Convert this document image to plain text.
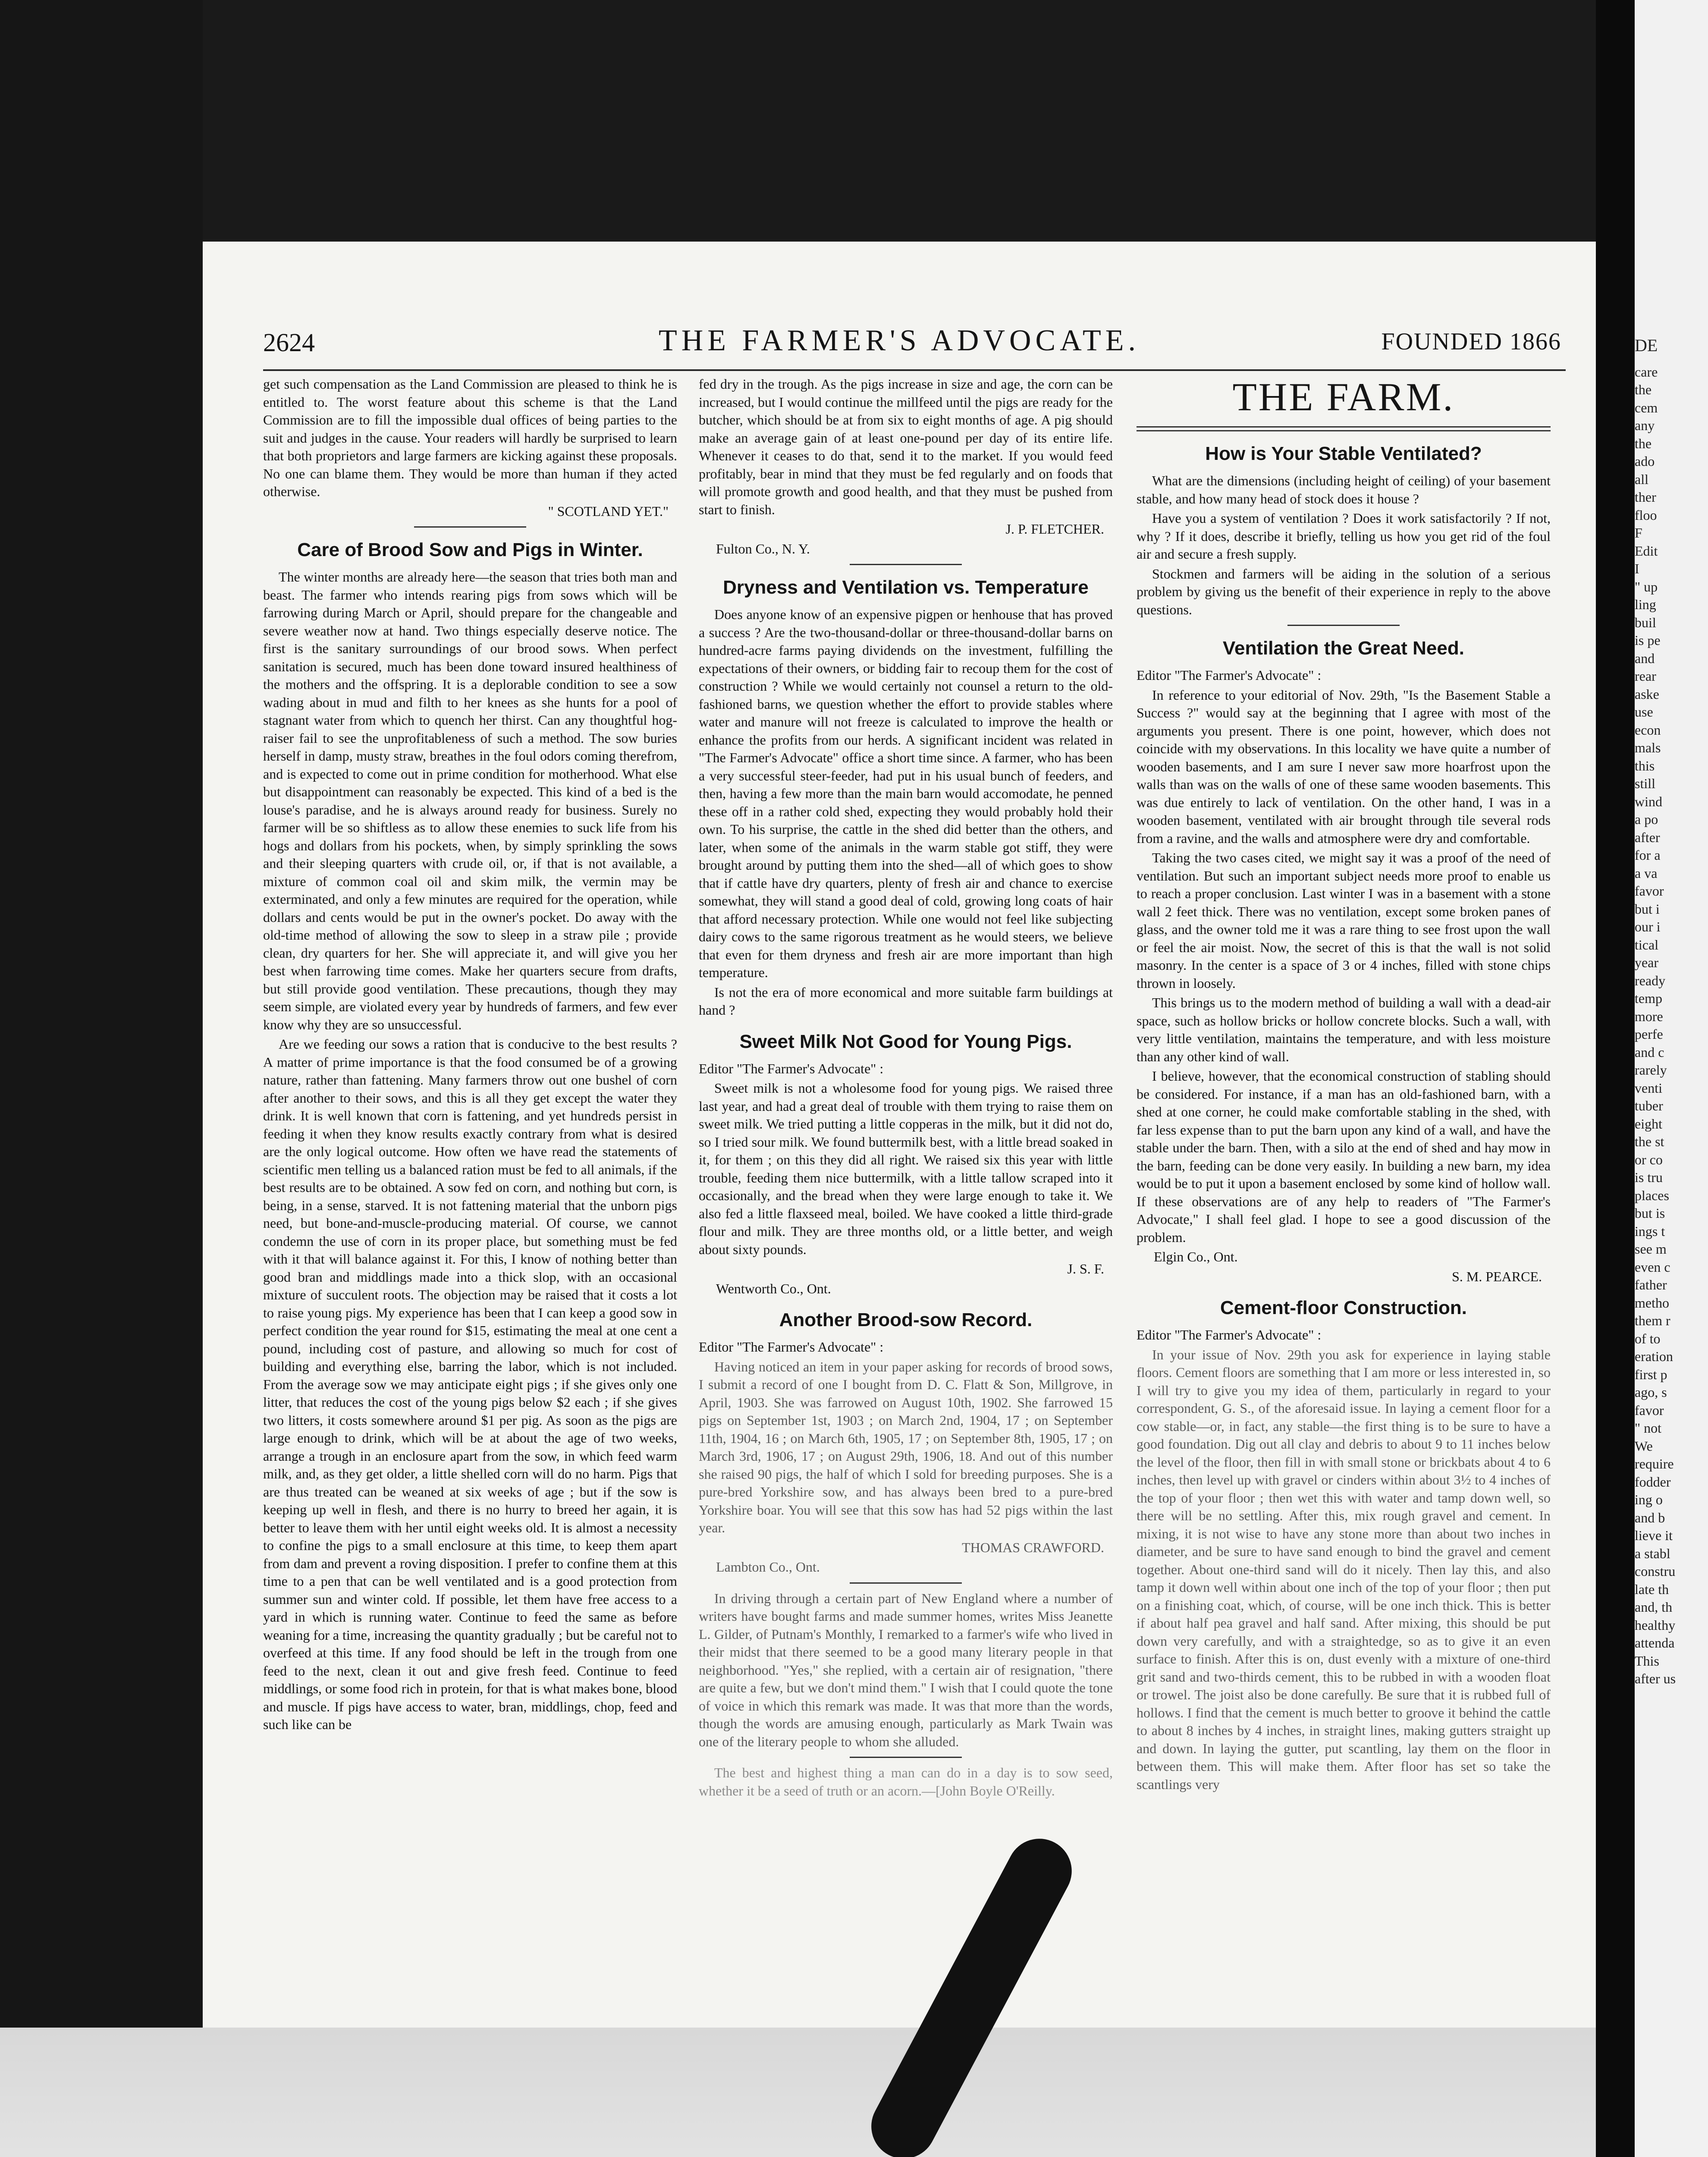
2624	THE FARMER'S ADVOCATE.	FOUNDED 1866

get such compensation as the Land Commission are pleased to think he is entitled to. The worst feature about this scheme is that the Land Commission are to fill the impossible dual offices of being parties to the suit and judges in the cause. Your readers will hardly be surprised to learn that both proprietors and large farmers are kicking against these proposals. No one can blame them. They would be more than human if they acted otherwise.

" SCOTLAND YET."

Care of Brood Sow and Pigs in Winter.

The winter months are already here—the season that tries both man and beast. The farmer who intends rearing pigs from sows which will be farrowing during March or April, should prepare for the changeable and severe weather now at hand. Two things especially deserve notice. The first is the sanitary surroundings of our brood sows. When perfect sanitation is secured, much has been done toward insured healthiness of the mothers and the offspring. It is a deplorable condition to see a sow wading about in mud and filth to her knees as she hunts for a pool of stagnant water from which to quench her thirst. Can any thoughtful hog-raiser fail to see the unprofitableness of such a method. The sow buries herself in damp, musty straw, breathes in the foul odors coming therefrom, and is expected to come out in prime condition for motherhood. What else but disappointment can reasonably be expected. This kind of a bed is the louse's paradise, and he is always around ready for business. Surely no farmer will be so shiftless as to allow these enemies to suck life from his hogs and dollars from his pockets, when, by simply sprinkling the sows and their sleeping quarters with crude oil, or, if that is not available, a mixture of common coal oil and skim milk, the vermin may be exterminated, and only a few minutes are required for the operation, while dollars and cents would be put in the owner's pocket. Do away with the old-time method of allowing the sow to sleep in a straw pile ; provide clean, dry quarters for her. She will appreciate it, and will give you her best when farrowing time comes. Make her quarters secure from drafts, but still provide good ventilation. These precautions, though they may seem simple, are violated every year by hundreds of farmers, and few ever know why they are so unsuccessful.

Are we feeding our sows a ration that is conducive to the best results ? A matter of prime importance is that the food consumed be of a growing nature, rather than fattening. Many farmers throw out one bushel of corn after another to their sows, and this is all they get except the water they drink. It is well known that corn is fattening, and yet hundreds persist in feeding it when they know results exactly contrary from what is desired are the only logical outcome. How often we have read the statements of scientific men telling us a balanced ration must be fed to all animals, if the best results are to be obtained. A sow fed on corn, and nothing but corn, is being, in a sense, starved. It is not fattening material that the unborn pigs need, but bone-and-muscle-producing material. Of course, we cannot condemn the use of corn in its proper place, but something must be fed with it that will balance against it. For this, I know of nothing better than good bran and middlings made into a thick slop, with an occasional mixture of succulent roots. The objection may be raised that it costs a lot to raise young pigs. My experience has been that I can keep a good sow in perfect condition the year round for $15, estimating the meal at one cent a pound, including cost of pasture, and allowing so much for cost of building and everything else, barring the labor, which is not included. From the average sow we may anticipate eight pigs ; if she gives only one litter, that reduces the cost of the young pigs below $2 each ; if she gives two litters, it costs somewhere around $1 per pig. As soon as the pigs are large enough to drink, which will be at about the age of two weeks, arrange a trough in an enclosure apart from the sow, in which feed warm milk, and, as they get older, a little shelled corn will do no harm. Pigs that are thus treated can be weaned at six weeks of age ; but if the sow is keeping up well in flesh, and there is no hurry to breed her again, it is better to leave them with her until eight weeks old. It is almost a necessity to confine the pigs to a small enclosure at this time, to keep them apart from dam and prevent a roving disposition. I prefer to confine them at this time to a pen that can be well ventilated and is a good protection from summer sun and winter cold. If possible, let them have free access to a yard in which is running water. Continue to feed the same as before weaning for a time, increasing the quantity gradually ; but be careful not to overfeed at this time. If any food should be left in the trough from one feed to the next, clean it out and give fresh feed. Continue to feed middlings, or some food rich in protein, for that is what makes bone, blood and muscle. If pigs have access to water, bran, middlings, chop, feed and such like can be

fed dry in the trough. As the pigs increase in size and age, the corn can be increased, but I would continue the millfeed until the pigs are ready for the butcher, which should be at from six to eight months of age. A pig should make an average gain of at least one-pound per day of its entire life. Whenever it ceases to do that, send it to the market. If you would feed profitably, bear in mind that they must be fed regularly and on foods that will promote growth and good health, and that they must be pushed from start to finish.

J. P. FLETCHER.

Fulton Co., N. Y.

Dryness and Ventilation vs. Temperature

Does anyone know of an expensive pigpen or henhouse that has proved a success ? Are the two-thousand-dollar or three-thousand-dollar barns on hundred-acre farms paying dividends on the investment, fulfilling the expectations of their owners, or bidding fair to recoup them for the cost of construction ? While we would certainly not counsel a return to the old-fashioned barns, we question whether the effort to provide stables where water and manure will not freeze is calculated to improve the health or enhance the profits from our herds. A significant incident was related in "The Farmer's Advocate" office a short time since. A farmer, who has been a very successful steer-feeder, had put in his usual bunch of feeders, and then, having a few more than the main barn would accomodate, he penned these off in a rather cold shed, expecting they would probably hold their own. To his surprise, the cattle in the shed did better than the others, and later, when some of the animals in the warm stable got stiff, they were brought around by putting them into the shed—all of which goes to show that if cattle have dry quarters, plenty of fresh air and chance to exercise somewhat, they will stand a good deal of cold, growing long coats of hair that afford necessary protection. While one would not feel like subjecting dairy cows to the same rigorous treatment as he would steers, we believe that even for them dryness and fresh air are more important than high temperature.

Is not the era of more economical and more suitable farm buildings at hand ?

Sweet Milk Not Good for Young Pigs.

Editor "The Farmer's Advocate" :

Sweet milk is not a wholesome food for young pigs. We raised three last year, and had a great deal of trouble with them trying to raise them on sweet milk. We tried putting a little copperas in the milk, but it did not do, so I tried sour milk. We found buttermilk best, with a little bread soaked in it, for them ; on this they did all right. We raised six this year with little trouble, feeding them nice buttermilk, with a little tallow scraped into it occasionally, and the bread when they were large enough to take it. We also fed a little flaxseed meal, boiled. We have cooked a little third-grade flour and milk. They are three months old, or a little better, and weigh about sixty pounds.

J. S. F.

Wentworth Co., Ont.

Another Brood-sow Record.

Editor "The Farmer's Advocate" :

Having noticed an item in your paper asking for records of brood sows, I submit a record of one I bought from D. C. Flatt & Son, Millgrove, in April, 1903. She was farrowed on August 10th, 1902. She farrowed 15 pigs on September 1st, 1903 ; on March 2nd, 1904, 17 ; on September 11th, 1904, 16 ; on March 6th, 1905, 17 ; on September 8th, 1905, 17 ; on March 3rd, 1906, 17 ; on August 29th, 1906, 18. And out of this number she raised 90 pigs, the half of which I sold for breeding purposes. She is a pure-bred Yorkshire sow, and has always been bred to a pure-bred Yorkshire boar. You will see that this sow has had 52 pigs within the last year.

THOMAS CRAWFORD.

Lambton Co., Ont.

In driving through a certain part of New England where a number of writers have bought farms and made summer homes, writes Miss Jeanette L. Gilder, of Putnam's Monthly, I remarked to a farmer's wife who lived in their midst that there seemed to be a good many literary people in that neighborhood. "Yes," she replied, with a certain air of resignation, "there are quite a few, but we don't mind them." I wish that I could quote the tone of voice in which this remark was made. It was that more than the words, though the words are amusing enough, particularly as Mark Twain was one of the literary people to whom she alluded.

The best and highest thing a man can do in a day is to sow seed, whether it be a seed of truth or an acorn.—[John Boyle O'Reilly.

THE FARM.
How is Your Stable Ventilated?

What are the dimensions (including height of ceiling) of your basement stable, and how many head of stock does it house ?

Have you a system of ventilation ? Does it work satisfactorily ? If not, why ? If it does, describe it briefly, telling us how you get rid of the foul air and secure a fresh supply.

Stockmen and farmers will be aiding in the solution of a serious problem by giving us the benefit of their experience in reply to the above questions.

Ventilation the Great Need.

Editor "The Farmer's Advocate" :

In reference to your editorial of Nov. 29th, "Is the Basement Stable a Success ?" would say at the beginning that I agree with most of the arguments you present. There is one point, however, which does not coincide with my observations. In this locality we have quite a number of wooden basements, and I am sure I never saw more hoarfrost upon the walls than was on the walls of one of these same wooden basements. This was due entirely to lack of ventilation. On the other hand, I was in a wooden basement, ventilated with air brought through tile several rods from a ravine, and the walls and atmosphere were dry and comfortable.

Taking the two cases cited, we might say it was a proof of the need of ventilation. But such an important subject needs more proof to enable us to reach a proper conclusion. Last winter I was in a basement with a stone wall 2 feet thick. There was no ventilation, except some broken panes of glass, and the owner told me it was a rare thing to see frost upon the wall or feel the air moist. Now, the secret of this is that the wall is not solid masonry. In the center is a space of 3 or 4 inches, filled with stone chips thrown in loosely.

This brings us to the modern method of building a wall with a dead-air space, such as hollow bricks or hollow concrete blocks. Such a wall, with very little ventilation, maintains the temperature, and with less moisture than any other kind of wall.

I believe, however, that the economical construction of stabling should be considered. For instance, if a man has an old-fashioned barn, with a shed at one corner, he could make comfortable stabling in the shed, with far less expense than to put the barn upon any kind of a wall, and have the stable under the barn. Then, with a silo at the end of shed and hay mow in the barn, feeding can be done very easily. In building a new barn, my idea would be to put it upon a basement enclosed by some kind of hollow wall. If these observations are of any help to readers of "The Farmer's Advocate," I shall feel glad. I hope to see a good discussion of the problem.

Elgin Co., Ont.

S. M. PEARCE.

Cement-floor Construction.

Editor "The Farmer's Advocate" :

In your issue of Nov. 29th you ask for experience in laying stable floors. Cement floors are something that I am more or less interested in, so I will try to give you my idea of them, particularly in regard to your correspondent, G. S., of the aforesaid issue. In laying a cement floor for a cow stable—or, in fact, any stable—the first thing is to be sure to have a good foundation. Dig out all clay and debris to about 9 to 11 inches below the level of the floor, then fill in with small stone or brickbats about 4 to 6 inches, then level up with gravel or cinders within about 3½ to 4 inches of the top of your floor ; then wet this with water and tamp down well, so there will be no settling. After this, mix rough gravel and cement. In mixing, it is not wise to have any stone more than about two inches in diameter, and be sure to have sand enough to bind the gravel and cement together. About one-third sand will do it nicely. Then lay this, and also tamp it down well within about one inch of the top of your floor ; then put on a finishing coat, which, of course, will be one inch thick. This is better if about half pea gravel and half sand. After mixing, this should be put down very carefully, and with a straightedge, so as to give it an even surface to finish. After this is on, dust evenly with a mixture of one-third grit sand and two-thirds cement, this to be rubbed in with a wooden float or trowel. The joist also be done carefully. Be sure that it is rubbed full of hollows. I find that the cement is much better to groove it behind the cattle to about 8 inches by 4 inches, in straight lines, making gutters straight up and down. In laying the gutter, put scantling, lay them on the floor in between them. This will make them. After floor has set so take the scantlings very

DE
care
the
cem
any
the
ado
all
ther
floo
F
Edit
I
" up
ling
buil
is pe
and
rear
aske
use
econ
mals
this
still
wind
a po
after
for a
a va
favor
but i
our i
tical
year
ready
temp
more
perfe
and c
rarely
venti
tuber
eight
the st
or co
is tru
places
but is
ings t
see m
even c
father
metho
them r
of to
eration
first p
ago, s
favor
" not
We
require
fodder
ing o
and b
lieve it
a stabl
constru
late th
and, th
healthy
attenda
This
after us
